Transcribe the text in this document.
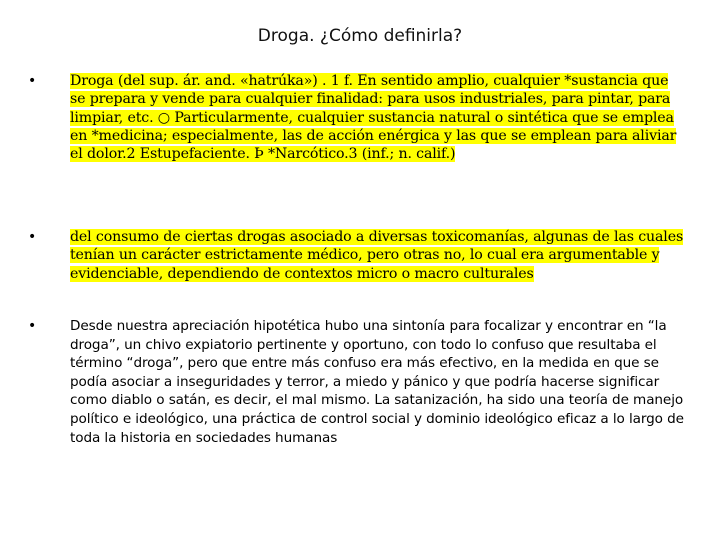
Droga. ¿Cómo definirla?
• Droga (del sup. ár. and. «hatrúka») . 1 f. En sentido amplio, cualquier *sustancia que se prepara y vende para cualquier finalidad: para usos industriales, para pintar, para limpiar, etc. ○ Particularmente, cualquier sustancia natural o sintética que se emplea en *medicina; especialmente, las de acción enérgica y las que se emplean para aliviar el dolor.2 Estupefaciente. Þ *Narcótico.3 (inf.; n. calif.)
• del consumo de ciertas drogas asociado a diversas toxicomanías, algunas de las cuales tenían un carácter estrictamente médico, pero otras no, lo cual era argumentable y evidenciable, dependiendo de contextos micro o macro culturales
• Desde nuestra apreciación hipotética hubo una sintonía para focalizar y encontrar en “la droga”, un chivo expiatorio pertinente y oportuno, con todo lo confuso que resultaba el término “droga”, pero que entre más confuso era más efectivo, en la medida en que se podía asociar a inseguridades y terror, a miedo y pánico y que podría hacerse significar como diablo o satán, es decir, el mal mismo. La satanización, ha sido una teoría de manejo político e ideológico, una práctica de control social y dominio ideológico eficaz a lo largo de toda la historia en sociedades humanas
